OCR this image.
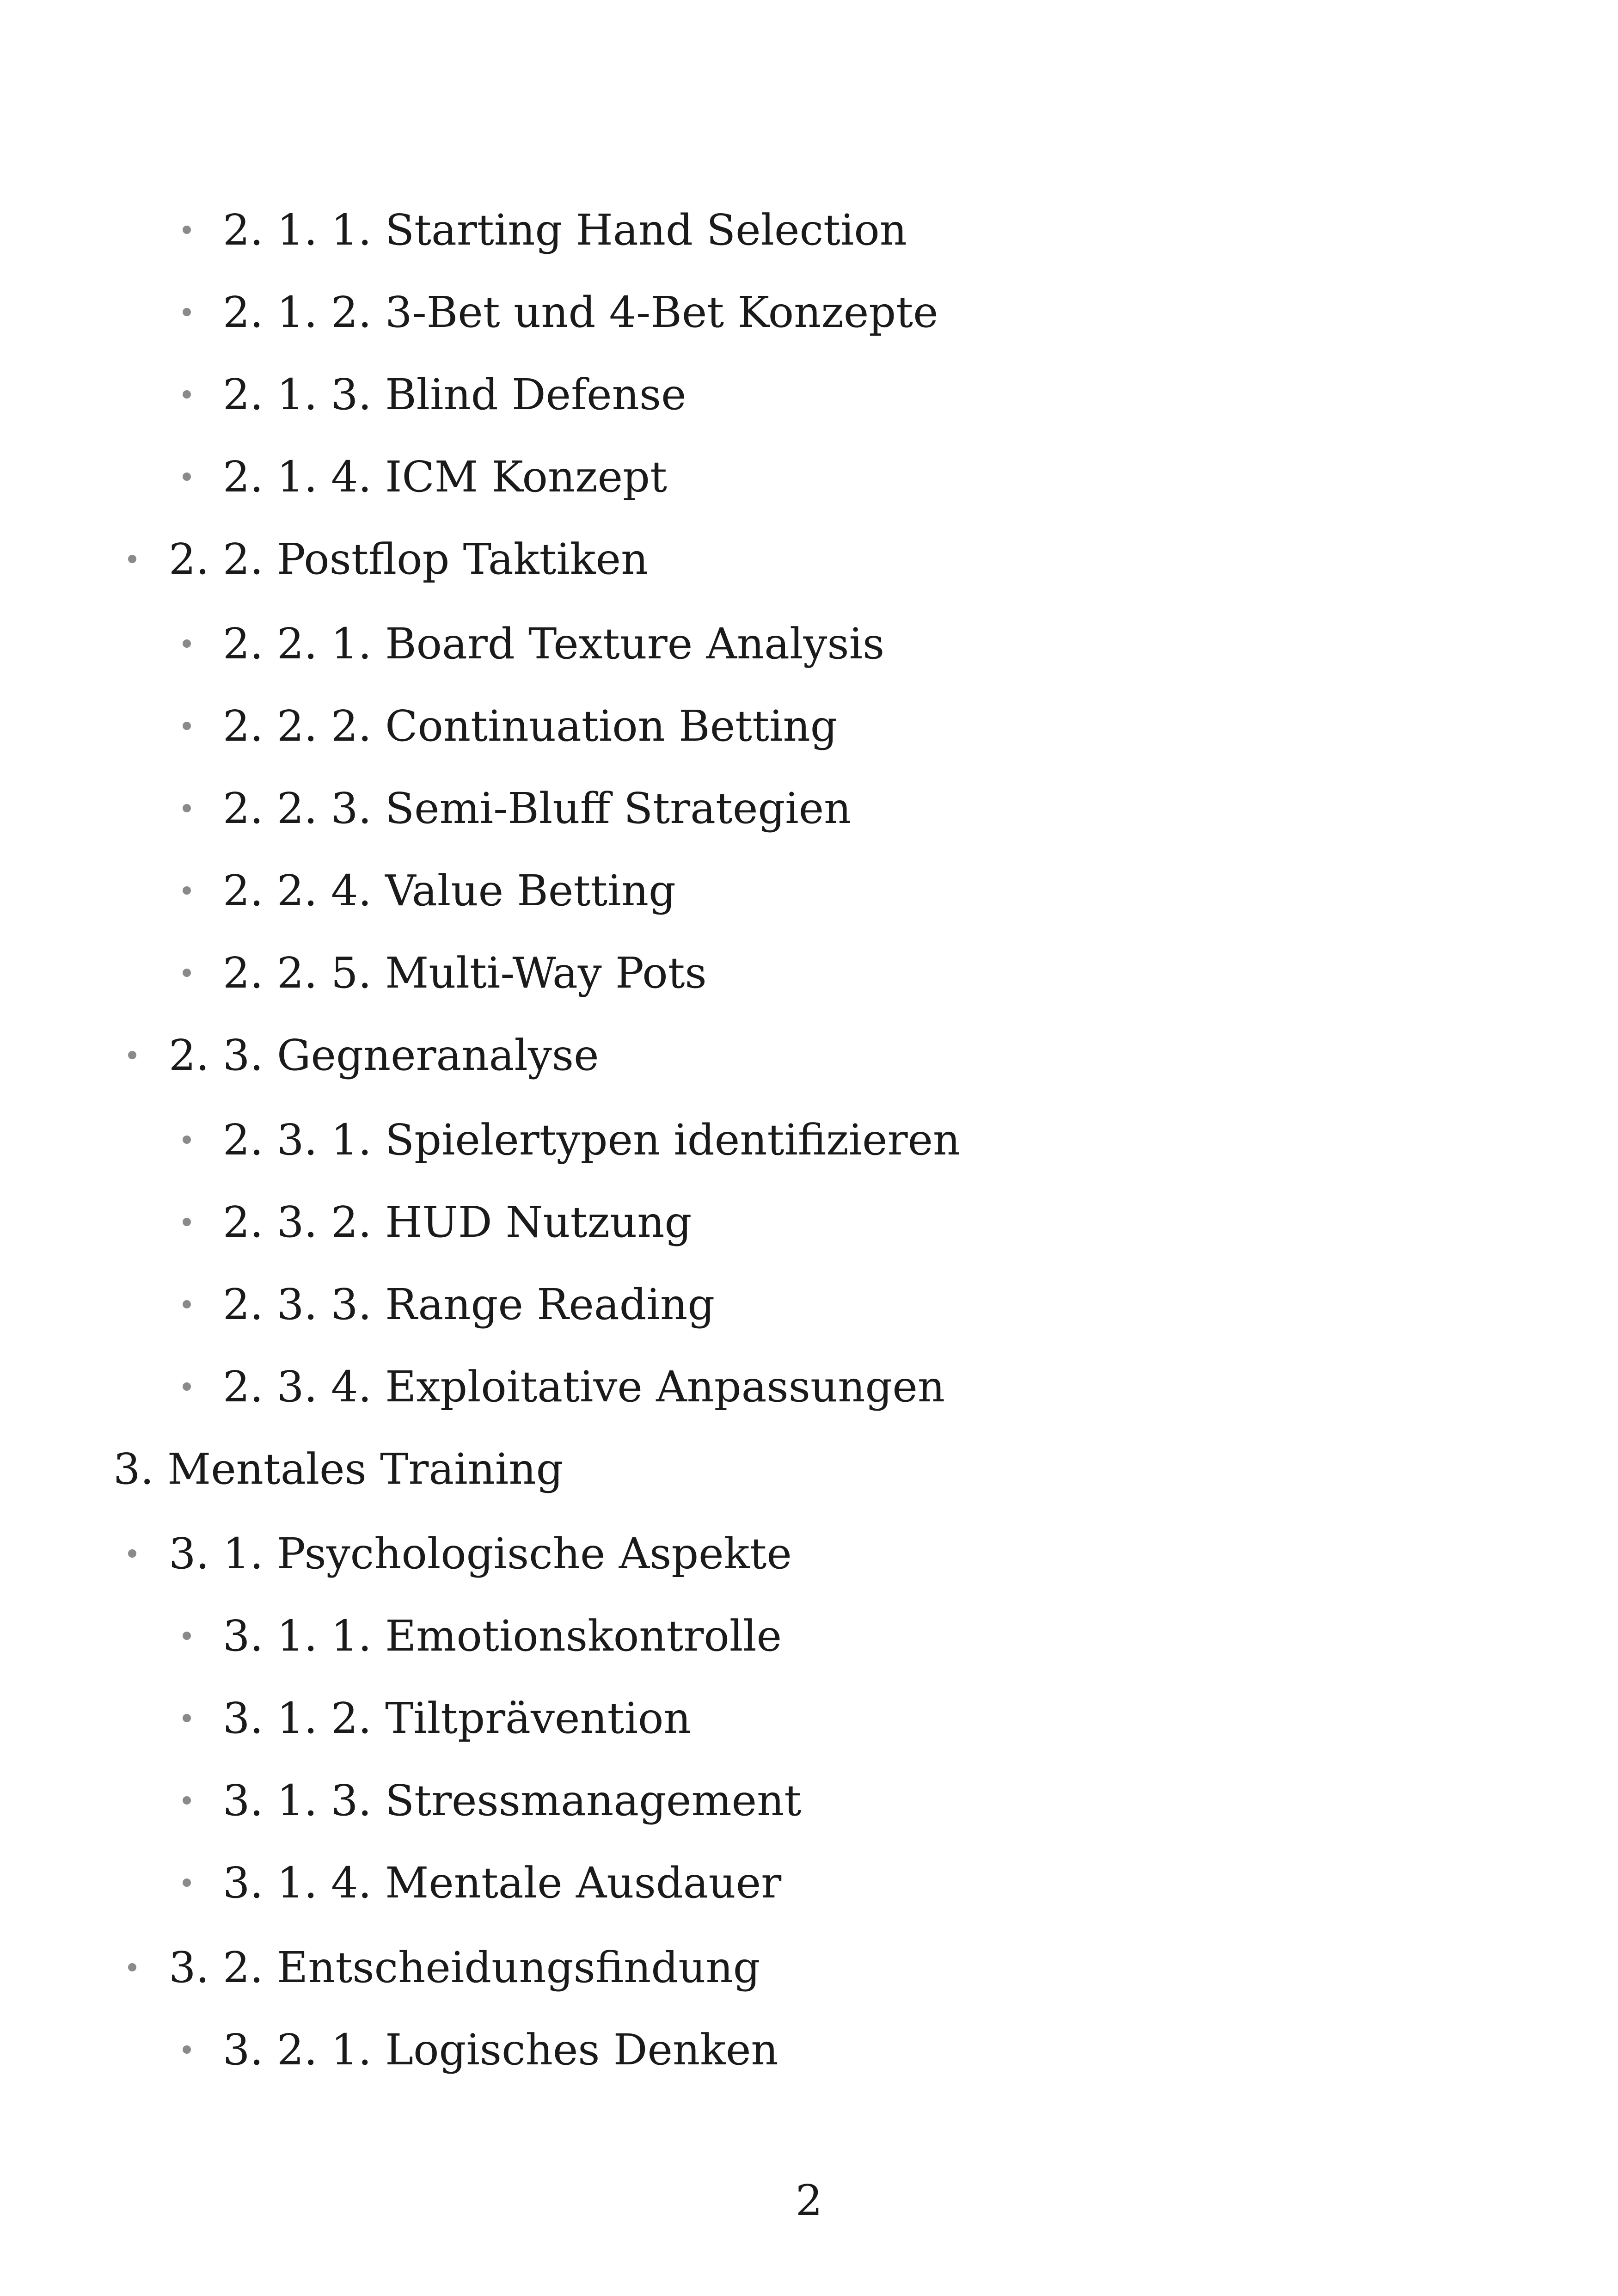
2. 1. 1. Starting Hand Selection
2. 1. 2. 3-Bet und 4-Bet Konzepte
2. 1. 3. Blind Defense
2. 1. 4. ICM Konzept
2. 2. Postflop Taktiken
2. 2. 1. Board Texture Analysis
2. 2. 2. Continuation Betting
2. 2. 3. Semi-Bluff Strategien
2. 2. 4. Value Betting
2. 2. 5. Multi-Way Pots
2. 3. Gegneranalyse
2. 3. 1. Spielertypen identifizieren
2. 3. 2. HUD Nutzung
2. 3. 3. Range Reading
2. 3. 4. Exploitative Anpassungen
3. Mentales Training
3. 1. Psychologische Aspekte
3. 1. 1. Emotionskontrolle
3. 1. 2. Tiltprävention
3. 1. 3. Stressmanagement
3. 1. 4. Mentale Ausdauer
3. 2. Entscheidungsfindung
3. 2. 1. Logisches Denken
2
